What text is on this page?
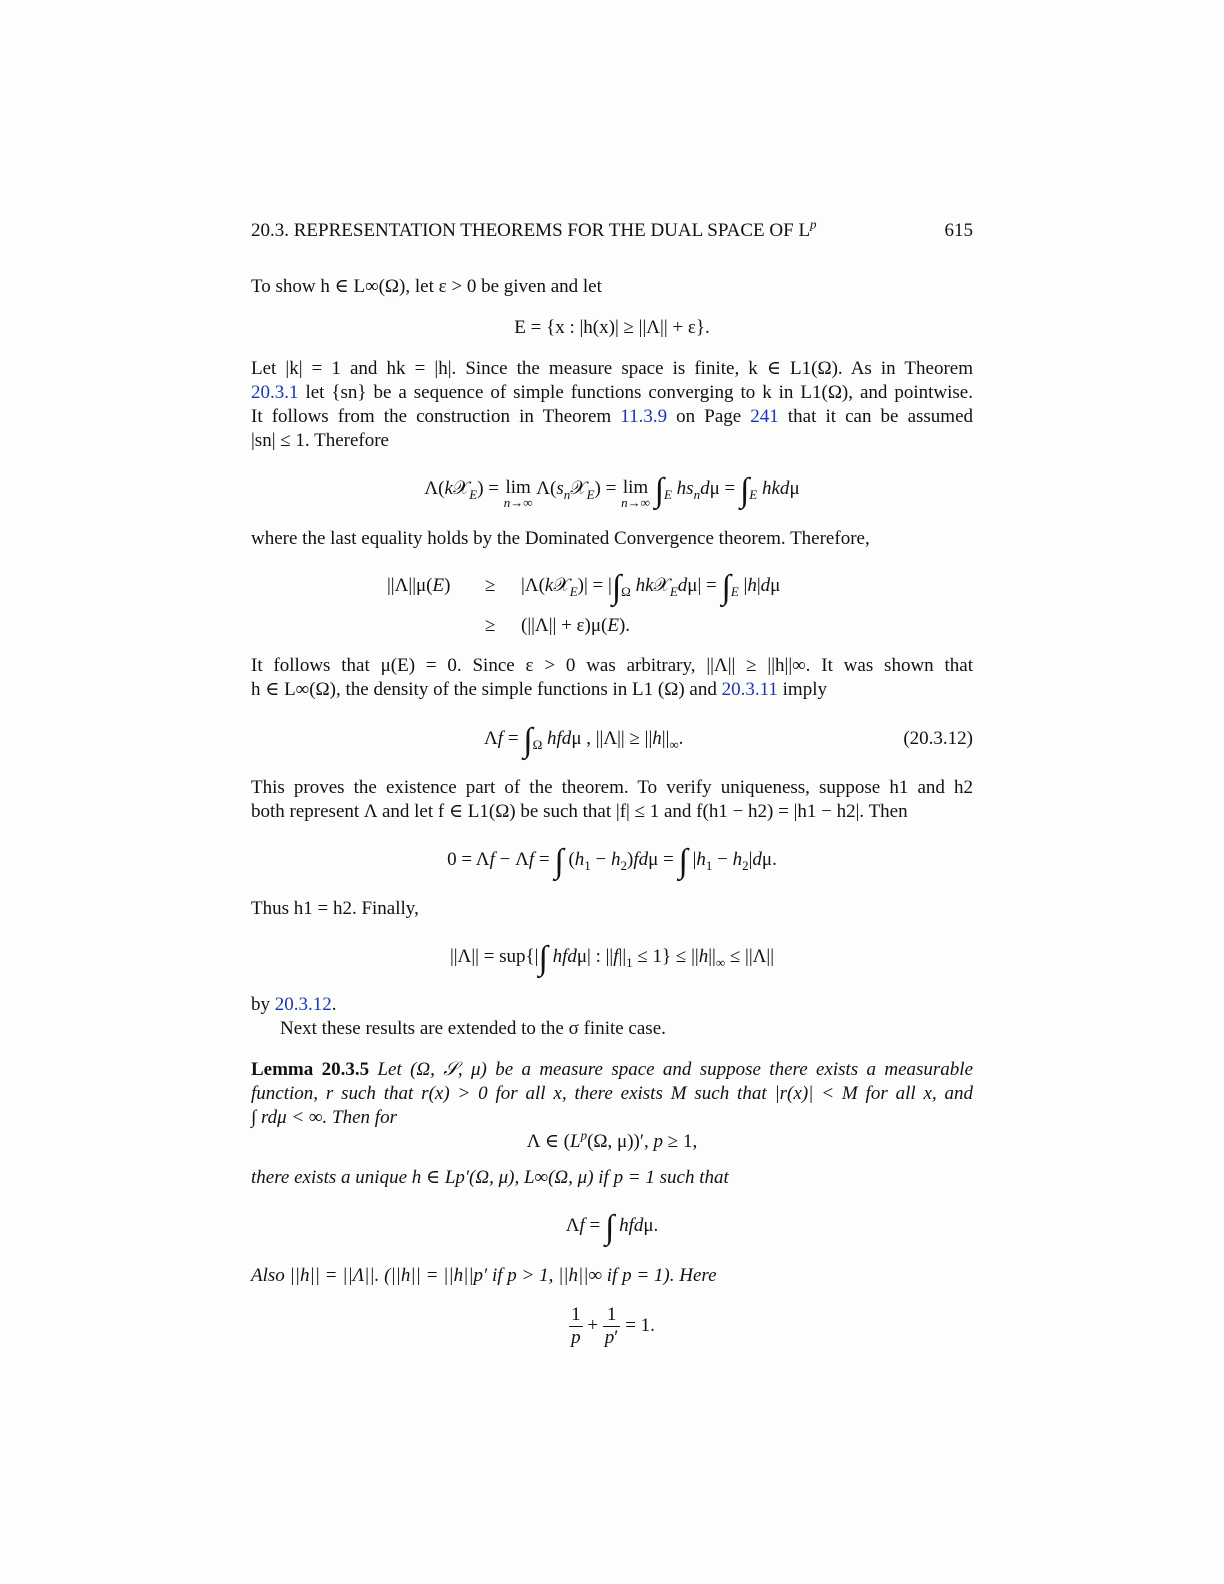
20.3. REPRESENTATION THEOREMS FOR THE DUAL SPACE OF $L^p$	615
To show h ∈ L∞(Ω), let ε > 0 be given and let
E = {x : |h(x)| ≥ ||Λ|| + ε}.
Let |k| = 1 and hk = |h|. Since the measure space is finite, k ∈ L1(Ω). As in Theorem
20.3.1 let {sn} be a sequence of simple functions converging to k in L1(Ω), and pointwise.
It follows from the construction in Theorem 11.3.9 on Page 241 that it can be assumed
|sn| ≤ 1. Therefore
Λ(k𝒳$_E$) = lim
n→∞
$\Lambda(s_n𝒳_E) = \lim$
n→∞ $\int_E$ $hs_nd\mu = \int_E$ hkdμ
where the last equality holds by the Dominated Convergence theorem. Therefore,
||Λ||μ(E) ≥ |Λ(k𝒳$_E$)| = $|\int_\Omega$ hk𝒳$_E$dμ| = $\int_E$ |h|dμ
≥ (||Λ|| + ε)μ(E).
It follows that μ(E) = 0. Since ε > 0 was arbitrary, ||Λ|| ≥ ||h||∞. It was shown that
h ∈ L∞(Ω), the density of the simple functions in L1 (Ω) and 20.3.11 imply
$\Lambda f = \int_\Omega$ hfdμ , $||\Lambda|| \ge ||h||_\infty$.	(20.3.12)
This proves the existence part of the theorem. To verify uniqueness, suppose h1 and h2
both represent Λ and let f ∈ L1(Ω) be such that |f| ≤ 1 and f(h1 − h2) = |h1 − h2|. Then
0 = Λf − Λf = ∫ $(h_1 - h_2)fd\mu$ = ∫ $|h_1 - h_2|d\mu$.
Thus h1 = h2. Finally,
||Λ|| = sup{|∫ hfdμ| : $||f||_1 \le 1\} \le ||h||_\infty \le ||\Lambda||$
by 20.3.12.
Next these results are extended to the σ finite case.
Lemma 20.3.5 Let (Ω, 𝒮, μ) be a measure space and suppose there exists a measurable
function, r such that r(x) > 0 for all x, there exists M such that |r(x)| < M for all x, and
∫ rdμ < ∞. Then for
Λ ∈ ($L^p(\Omega$, μ))′, p ≥ 1,
there exists a unique h ∈ Lp′(Ω, μ), L∞(Ω, μ) if p = 1 such that
Λf = ∫ hfdμ.
Also ||h|| = ||Λ||. (||h|| = ||h||p′ if p > 1, ||h||∞ if p = 1). Here
$\frac{1}{p} + \frac{1}{p'} = 1$.
